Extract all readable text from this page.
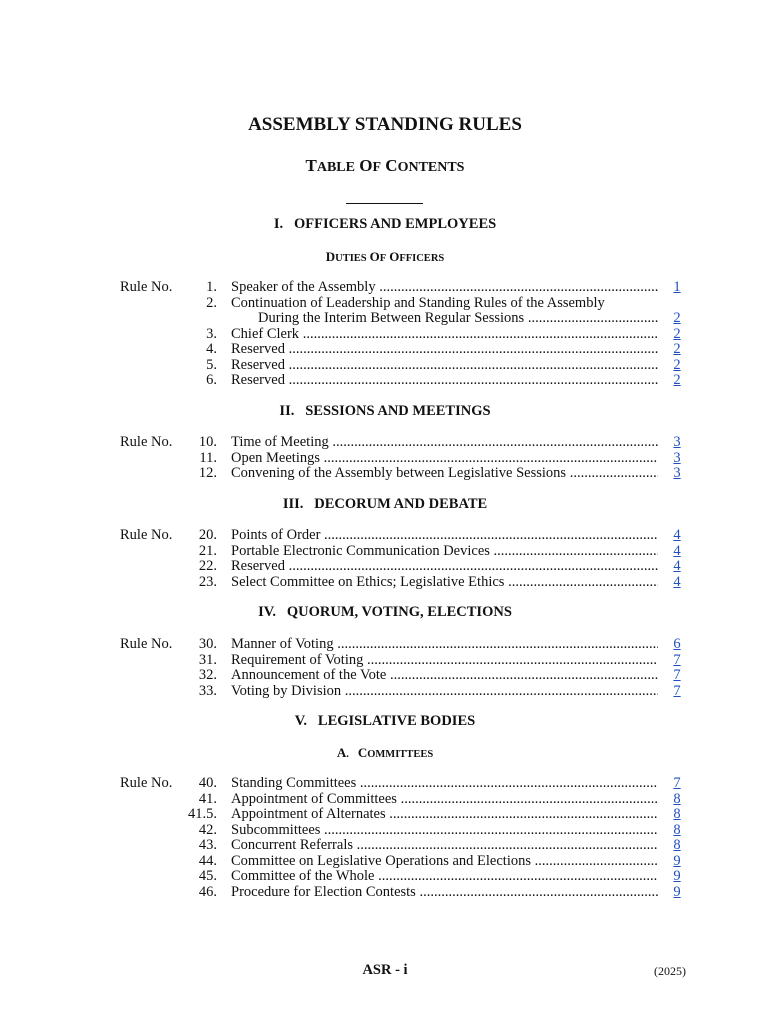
ASSEMBLY STANDING RULES
TABLE OF CONTENTS
I.   OFFICERS AND EMPLOYEES
DUTIES OF OFFICERS
Rule No. 1. Speaker of the Assembly .....	1
2. Continuation of Leadership and Standing Rules of the Assembly
During the Interim Between Regular Sessions .....	2
3. Chief Clerk .....	2
4. Reserved .....	2
5. Reserved .....	2
6. Reserved .....	2
II.   SESSIONS AND MEETINGS
Rule No. 10. Time of Meeting .....	3
11. Open Meetings .....	3
12. Convening of the Assembly between Legislative Sessions .....	3
III.   DECORUM AND DEBATE
Rule No. 20. Points of Order .....	4
21. Portable Electronic Communication Devices .....	4
22. Reserved .....	4
23. Select Committee on Ethics; Legislative Ethics .....	4
IV.   QUORUM, VOTING, ELECTIONS
Rule No. 30. Manner of Voting .....	6
31. Requirement of Voting .....	7
32. Announcement of the Vote .....	7
33. Voting by Division .....	7
V.   LEGISLATIVE BODIES
A. COMMITTEES
Rule No. 40. Standing Committees .....	7
41. Appointment of Committees .....	8
41.5. Appointment of Alternates .....	8
42. Subcommittees .....	8
43. Concurrent Referrals .....	8
44. Committee on Legislative Operations and Elections .....	9
45. Committee of the Whole .....	9
46. Procedure for Election Contests .....	9
ASR - i	(2025)
